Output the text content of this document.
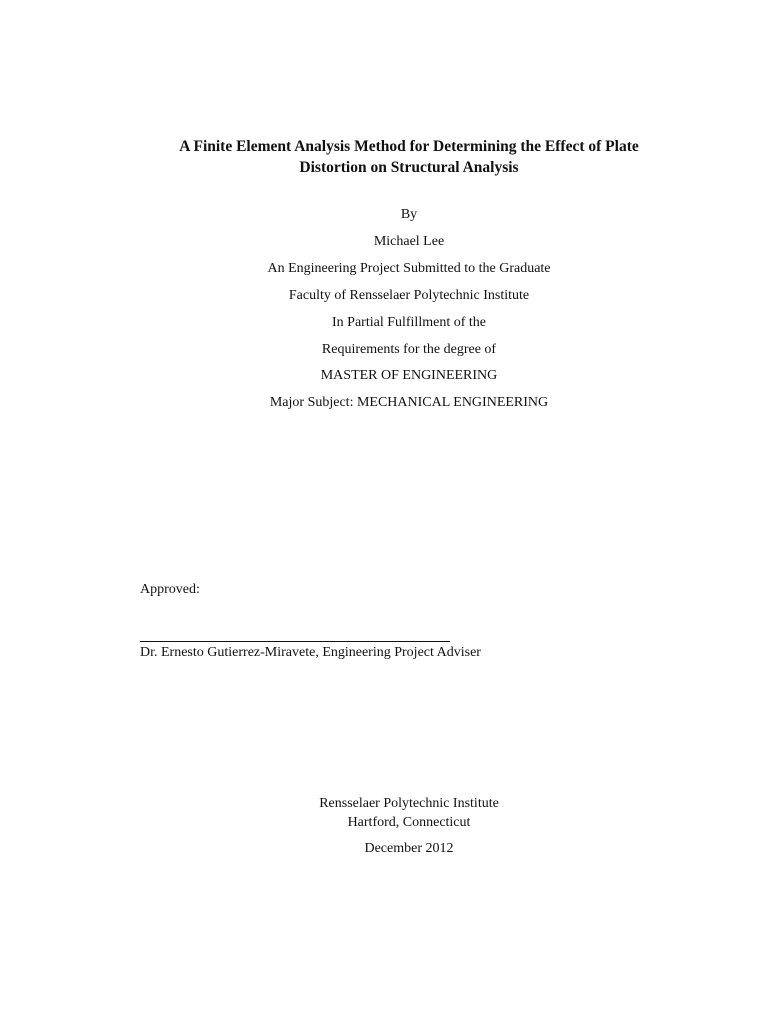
A Finite Element Analysis Method for Determining the Effect of Plate
Distortion on Structural Analysis
By
Michael Lee
An Engineering Project Submitted to the Graduate
Faculty of Rensselaer Polytechnic Institute
In Partial Fulfillment of the
Requirements for the degree of
MASTER OF ENGINEERING
Major Subject: MECHANICAL ENGINEERING
Approved:
Dr. Ernesto Gutierrez-Miravete, Engineering Project Adviser
Rensselaer Polytechnic Institute
Hartford, Connecticut
December 2012
